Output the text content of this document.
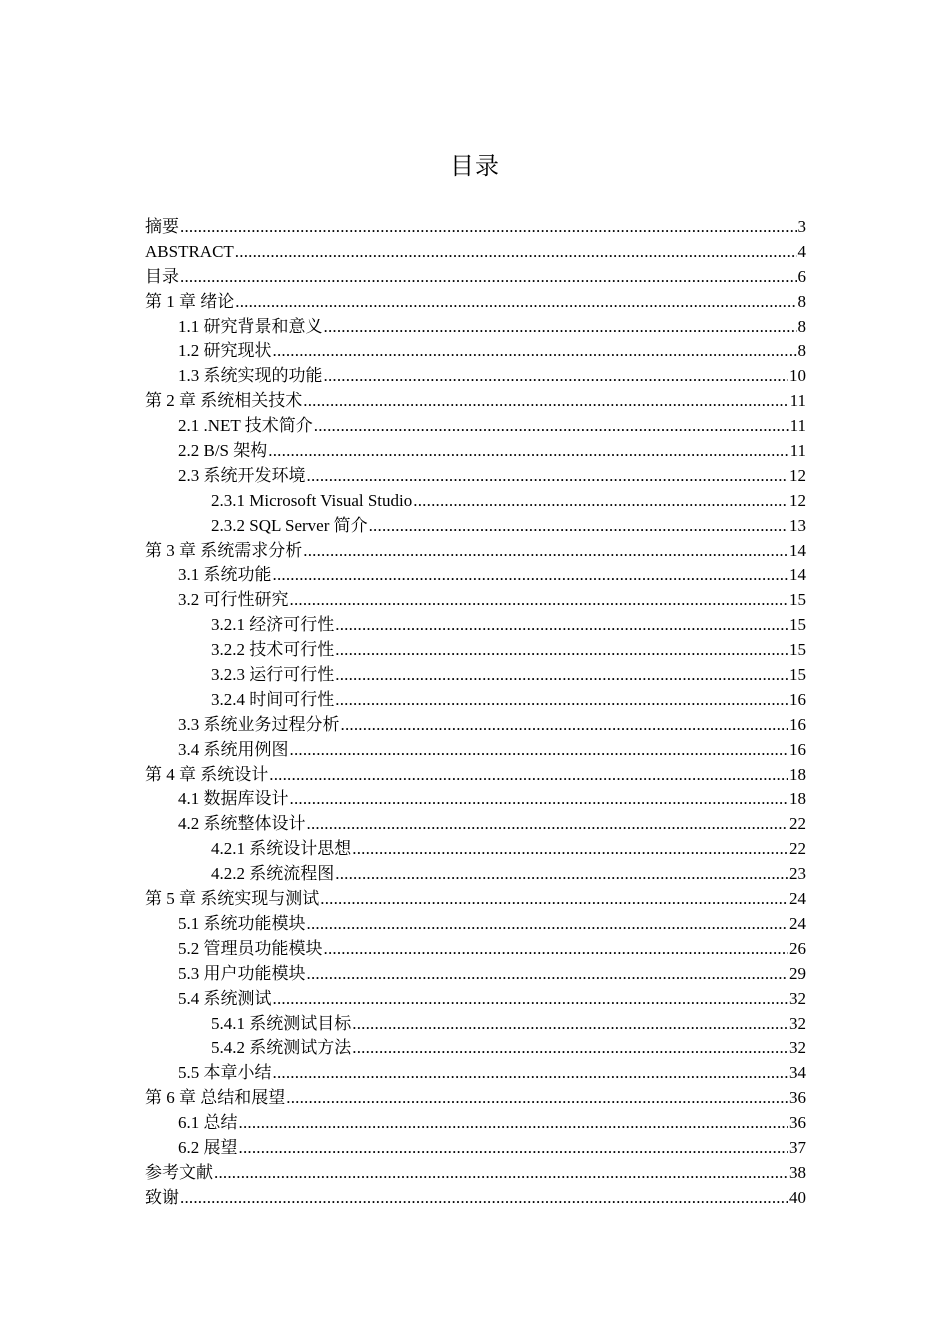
目录
摘要 .....	3
ABSTRACT .....	4
目录 .....	6
第 1 章 绪论 .....	8
1.1 研究背景和意义 .....	8
1.2 研究现状 .....	8
1.3 系统实现的功能 .....	10
第 2 章 系统相关技术 .....	11
2.1 .NET 技术简介 .....	11
2.2 B/S 架构 .....	11
2.3 系统开发环境 .....	12
2.3.1 Microsoft Visual Studio .....	12
2.3.2 SQL Server 简介 .....	13
第 3 章 系统需求分析 .....	14
3.1 系统功能 .....	14
3.2 可行性研究 .....	15
3.2.1 经济可行性 .....	15
3.2.2 技术可行性 .....	15
3.2.3 运行可行性 .....	15
3.2.4 时间可行性 .....	16
3.3 系统业务过程分析 .....	16
3.4 系统用例图 .....	16
第 4 章 系统设计 .....	18
4.1 数据库设计 .....	18
4.2 系统整体设计 .....	22
4.2.1 系统设计思想 .....	22
4.2.2 系统流程图 .....	23
第 5 章 系统实现与测试 .....	24
5.1 系统功能模块 .....	24
5.2 管理员功能模块 .....	26
5.3 用户功能模块 .....	29
5.4 系统测试 .....	32
5.4.1 系统测试目标 .....	32
5.4.2 系统测试方法 .....	32
5.5 本章小结 .....	34
第 6 章 总结和展望 .....	36
6.1 总结 .....	36
6.2 展望 .....	37
参考文献 .....	38
致谢 .....	40
